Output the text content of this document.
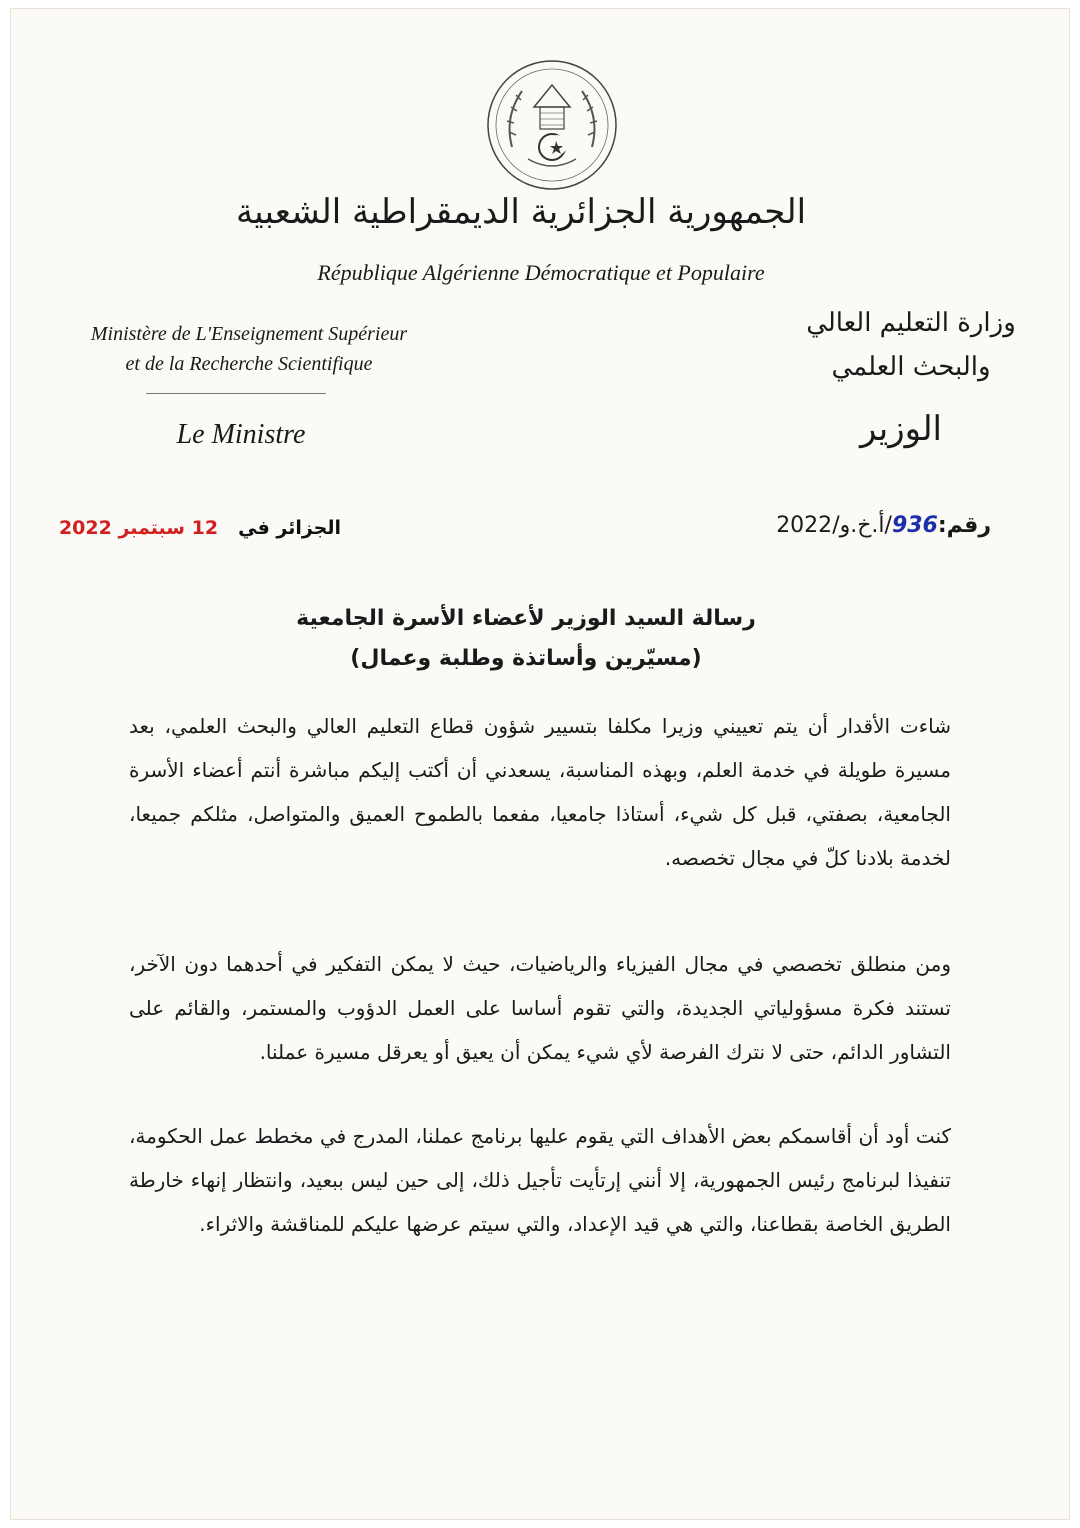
الجمهورية الجزائرية الديمقراطية الشعبية
République Algérienne Démocratique et Populaire
Ministère de L'Enseignement Supérieur
et de la Recherche Scientifique
Le Ministre
وزارة التعليم العالي
والبحث العلمي
الوزير
رقم:936/أ.خ.و/2022
الجزائر في 12 سبتمبر 2022
رسالة السيد الوزير لأعضاء الأسرة الجامعية
(مسيّرين وأساتذة وطلبة وعمال)
شاءت الأقدار أن يتم تعييني وزيرا مكلفا بتسيير شؤون قطاع التعليم العالي والبحث العلمي، بعد مسيرة طويلة في خدمة العلم، وبهذه المناسبة، يسعدني أن أكتب إليكم مباشرة أنتم أعضاء الأسرة الجامعية، بصفتي، قبل كل شيء، أستاذا جامعيا، مفعما بالطموح العميق والمتواصل، مثلكم جميعا، لخدمة بلادنا كلّ في مجال تخصصه.
ومن منطلق تخصصي في مجال الفيزياء والرياضيات، حيث لا يمكن التفكير في أحدهما دون الآخر، تستند فكرة مسؤولياتي الجديدة، والتي تقوم أساسا على العمل الدؤوب والمستمر، والقائم على التشاور الدائم، حتى لا نترك الفرصة لأي شيء يمكن أن يعيق أو يعرقل مسيرة عملنا.
كنت أود أن أقاسمكم بعض الأهداف التي يقوم عليها برنامج عملنا، المدرج في مخطط عمل الحكومة، تنفيذا لبرنامج رئيس الجمهورية، إلا أنني إرتأيت تأجيل ذلك، إلى حين ليس ببعيد، وانتظار إنهاء خارطة الطريق الخاصة بقطاعنا، والتي هي قيد الإعداد، والتي سيتم عرضها عليكم للمناقشة والاثراء.
